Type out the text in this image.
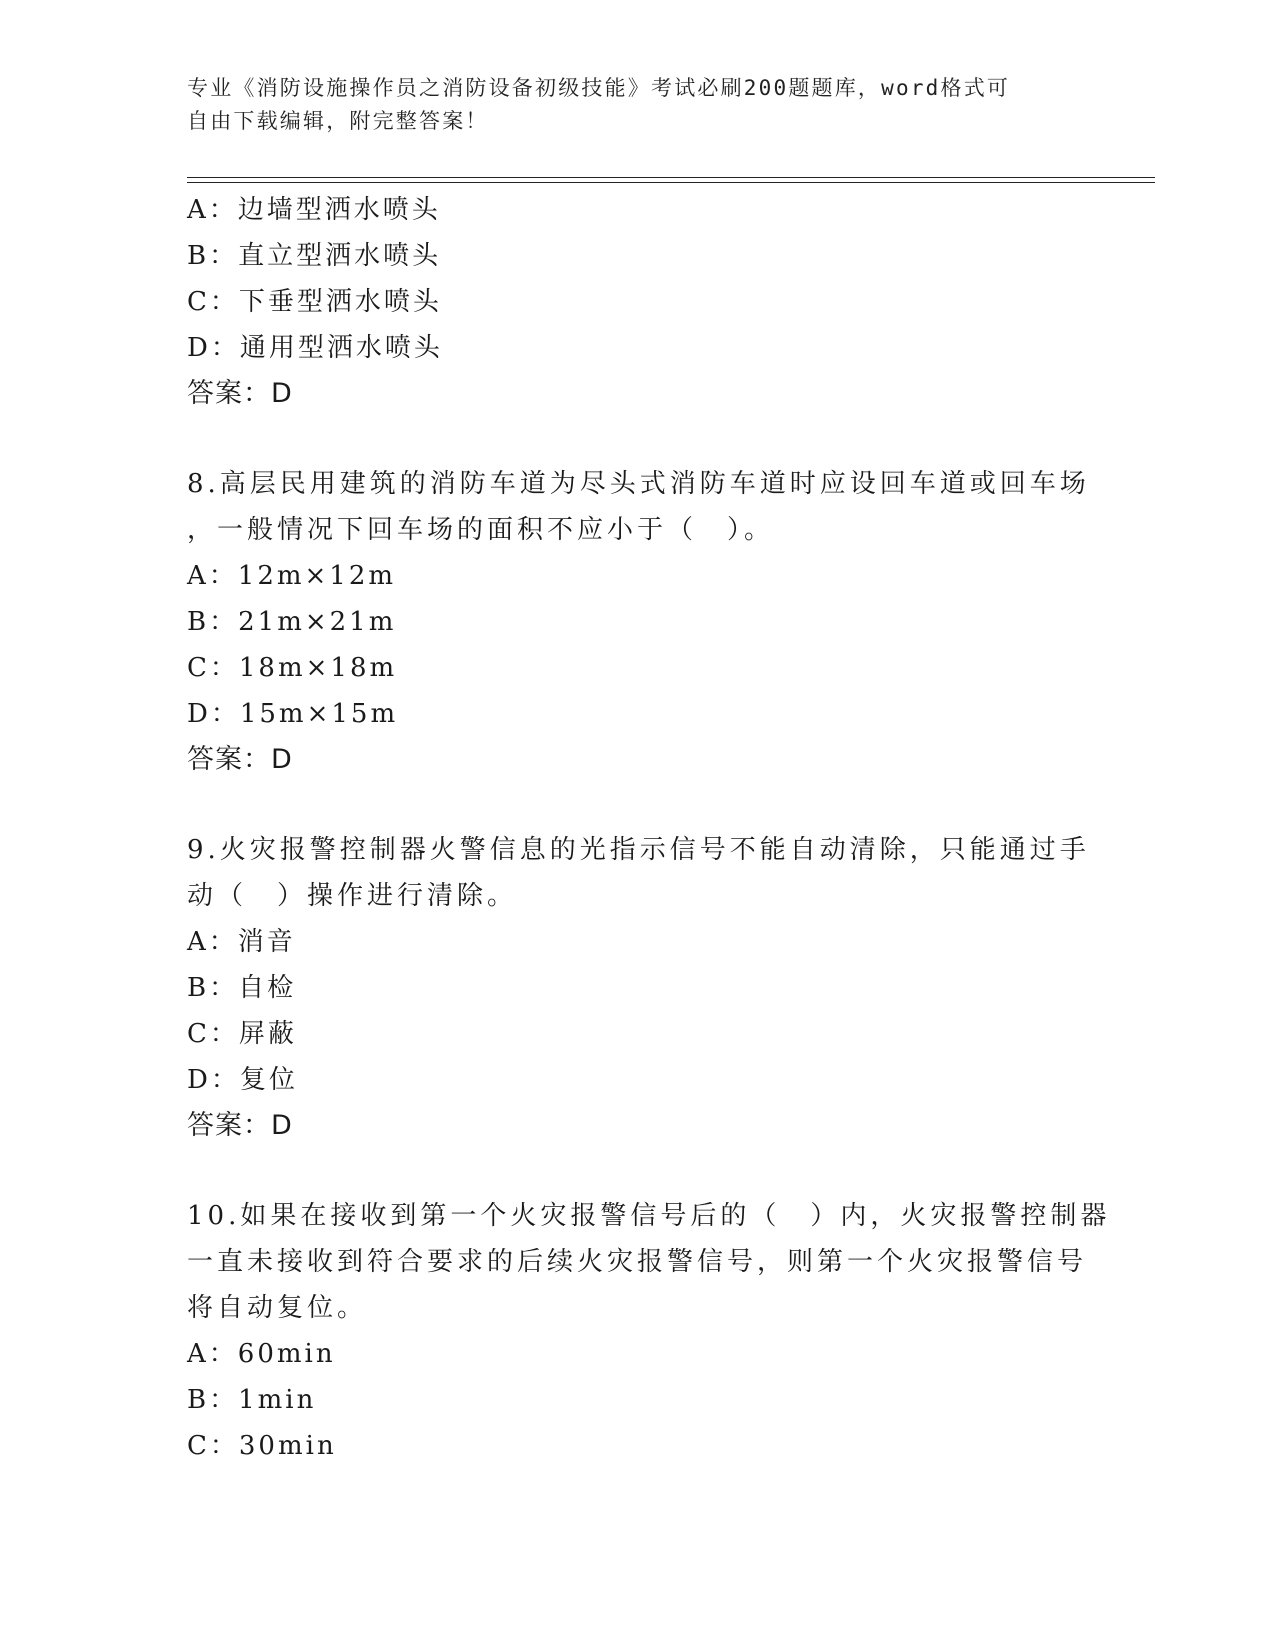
专业《消防设施操作员之消防设备初级技能》考试必刷200题题库，word格式可
自由下载编辑，附完整答案！
A：边墙型洒水喷头
B：直立型洒水喷头
C：下垂型洒水喷头
D：通用型洒水喷头
答案：D
8.高层民用建筑的消防车道为尽头式消防车道时应设回车道或回车场
，一般情况下回车场的面积不应小于（　）。
A：12m×12m
B：21m×21m
C：18m×18m
D：15m×15m
答案：D
9.火灾报警控制器火警信息的光指示信号不能自动清除，只能通过手
动（　）操作进行清除。
A：消音
B：自检
C：屏蔽
D：复位
答案：D
10.如果在接收到第一个火灾报警信号后的（　）内，火灾报警控制器
一直未接收到符合要求的后续火灾报警信号，则第一个火灾报警信号
将自动复位。
A：60min
B：1min
C：30min
